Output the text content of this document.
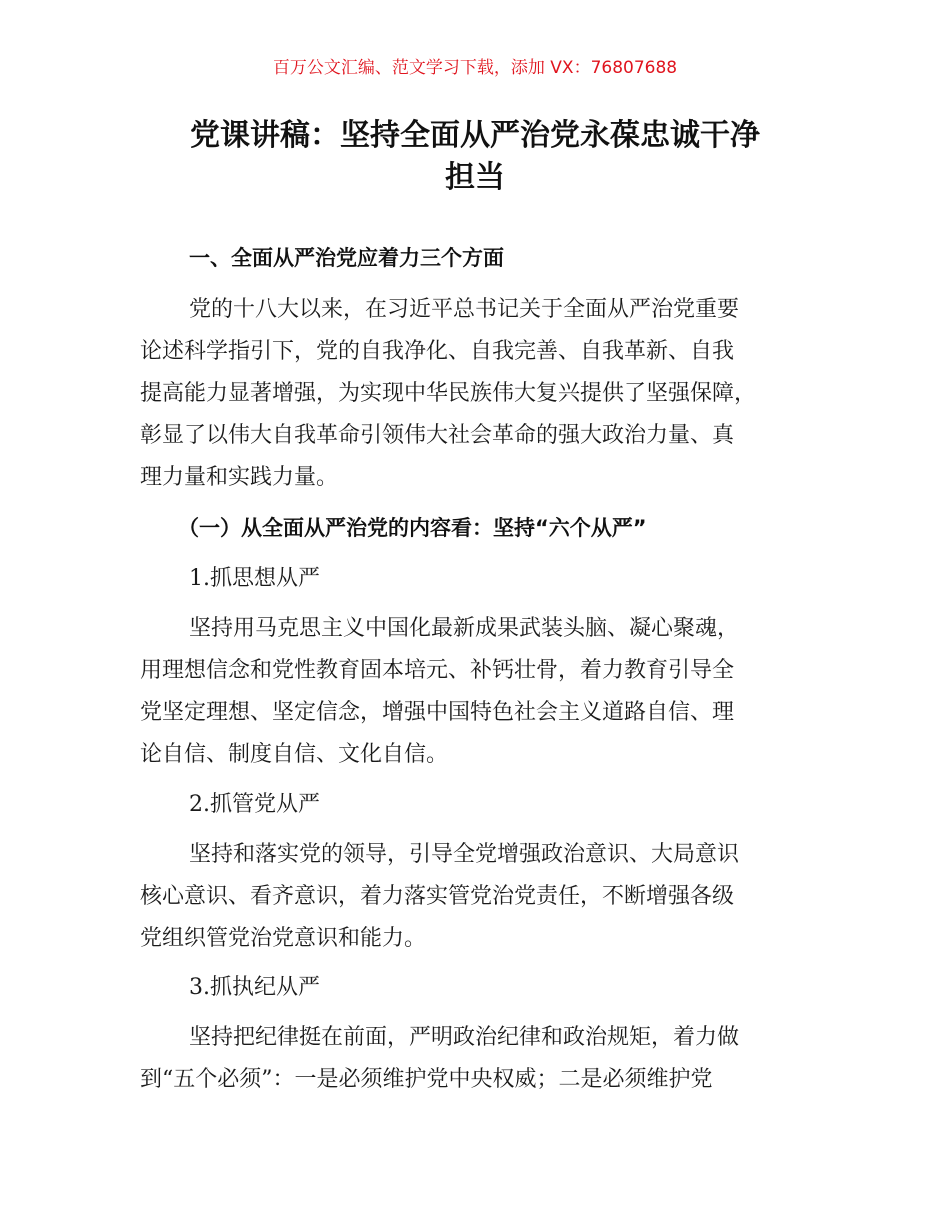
百万公文汇编、范文学习下载，添加 VX：76807688
党课讲稿：坚持全面从严治党永葆忠诚干净
担当
一、全面从严治党应着力三个方面
党的十八大以来，在习近平总书记关于全面从严治党重要
论述科学指引下，党的自我净化、自我完善、自我革新、自我
提高能力显著增强，为实现中华民族伟大复兴提供了坚强保障，
彰显了以伟大自我革命引领伟大社会革命的强大政治力量、真
理力量和实践力量。
（一）从全面从严治党的内容看：坚持“六个从严”
1.抓思想从严
坚持用马克思主义中国化最新成果武装头脑、凝心聚魂，
用理想信念和党性教育固本培元、补钙壮骨，着力教育引导全
党坚定理想、坚定信念，增强中国特色社会主义道路自信、理
论自信、制度自信、文化自信。
2.抓管党从严
坚持和落实党的领导，引导全党增强政治意识、大局意识
核心意识、看齐意识，着力落实管党治党责任，不断增强各级
党组织管党治党意识和能力。
3.抓执纪从严
坚持把纪律挺在前面，严明政治纪律和政治规矩，着力做
到“五个必须”：一是必须维护党中央权威；二是必须维护党
